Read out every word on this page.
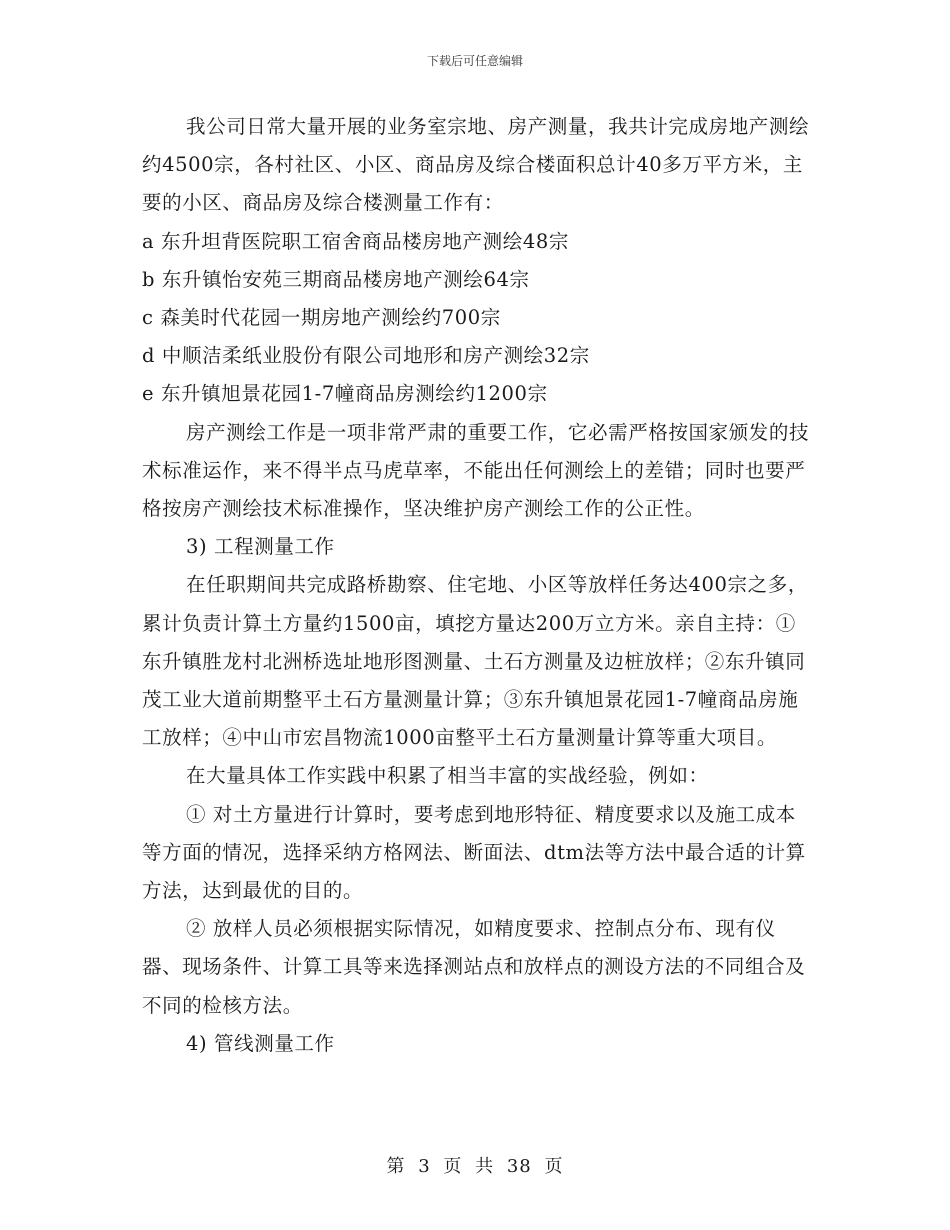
下载后可任意编辑

我公司日常大量开展的业务室宗地、房产测量，我共计完成房地产测绘约4500宗，各村社区、小区、商品房及综合楼面积总计40多万平方米，主要的小区、商品房及综合楼测量工作有：

a 东升坦背医院职工宿舍商品楼房地产测绘48宗

b 东升镇怡安苑三期商品楼房地产测绘64宗

c 森美时代花园一期房地产测绘约700宗

d 中顺洁柔纸业股份有限公司地形和房产测绘32宗

e 东升镇旭景花园1-7幢商品房测绘约1200宗

房产测绘工作是一项非常严肃的重要工作，它必需严格按国家颁发的技术标准运作，来不得半点马虎草率，不能出任何测绘上的差错；同时也要严格按房产测绘技术标准操作，坚决维护房产测绘工作的公正性。

3) 工程测量工作

在任职期间共完成路桥勘察、住宅地、小区等放样任务达400宗之多，累计负责计算土方量约1500亩，填挖方量达200万立方米。亲自主持：①东升镇胜龙村北洲桥选址地形图测量、土石方测量及边桩放样；②东升镇同茂工业大道前期整平土石方量测量计算；③东升镇旭景花园1-7幢商品房施工放样；④中山市宏昌物流1000亩整平土石方量测量计算等重大项目。

在大量具体工作实践中积累了相当丰富的实战经验，例如：

① 对土方量进行计算时，要考虑到地形特征、精度要求以及施工成本等方面的情况，选择采纳方格网法、断面法、dtm法等方法中最合适的计算方法，达到最优的目的。

② 放样人员必须根据实际情况，如精度要求、控制点分布、现有仪器、现场条件、计算工具等来选择测站点和放样点的测设方法的不同组合及不同的检核方法。

4) 管线测量工作

第 3 页 共 38 页
